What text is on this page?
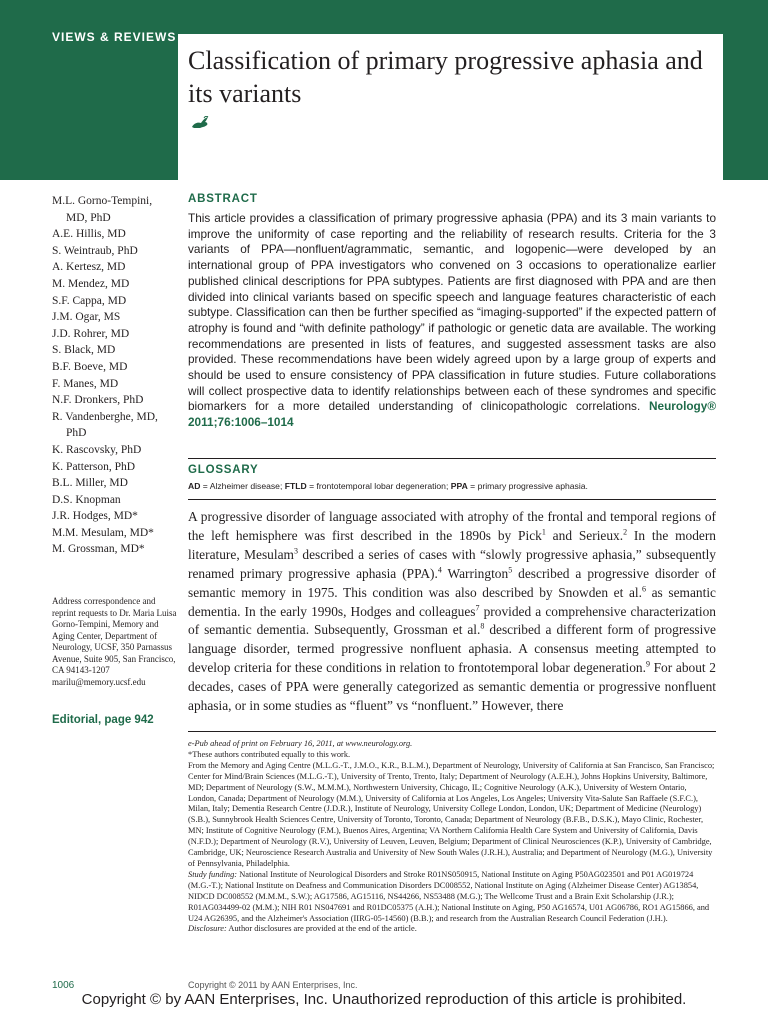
VIEWS & REVIEWS
Classification of primary progressive aphasia and its variants
M.L. Gorno-Tempini, MD, PhD
A.E. Hillis, MD
S. Weintraub, PhD
A. Kertesz, MD
M. Mendez, MD
S.F. Cappa, MD
J.M. Ogar, MS
J.D. Rohrer, MD
S. Black, MD
B.F. Boeve, MD
F. Manes, MD
N.F. Dronkers, PhD
R. Vandenberghe, MD, PhD
K. Rascovsky, PhD
K. Patterson, PhD
B.L. Miller, MD
D.S. Knopman
J.R. Hodges, MD*
M.M. Mesulam, MD*
M. Grossman, MD*
Address correspondence and reprint requests to Dr. Maria Luisa Gorno-Tempini, Memory and Aging Center, Department of Neurology, UCSF, 350 Parnassus Avenue, Suite 905, San Francisco, CA 94143-1207 marilu@memory.ucsf.edu
Editorial, page 942
ABSTRACT
This article provides a classification of primary progressive aphasia (PPA) and its 3 main variants to improve the uniformity of case reporting and the reliability of research results. Criteria for the 3 variants of PPA—nonfluent/agrammatic, semantic, and logopenic—were developed by an international group of PPA investigators who convened on 3 occasions to operationalize earlier published clinical descriptions for PPA subtypes. Patients are first diagnosed with PPA and are then divided into clinical variants based on specific speech and language features characteristic of each subtype. Classification can then be further specified as “imaging-supported” if the expected pattern of atrophy is found and “with definite pathology” if pathologic or genetic data are available. The working recommendations are presented in lists of features, and suggested assessment tasks are also provided. These recommendations have been widely agreed upon by a large group of experts and should be used to ensure consistency of PPA classification in future studies. Future collaborations will collect prospective data to identify relationships between each of these syndromes and specific biomarkers for a more detailed understanding of clinicopathologic correlations. Neurology® 2011;76:1006–1014
GLOSSARY
AD = Alzheimer disease; FTLD = frontotemporal lobar degeneration; PPA = primary progressive aphasia.
A progressive disorder of language associated with atrophy of the frontal and temporal regions of the left hemisphere was first described in the 1890s by Pick$^1$ and Serieux.$^2$ In the modern literature, Mesulam$^3$ described a series of cases with “slowly progressive aphasia,” subsequently renamed primary progressive aphasia (PPA).$^4$ Warrington$^5$ described a progressive disorder of semantic memory in 1975. This condition was also described by Snowden et al.$^6$ as semantic dementia. In the early 1990s, Hodges and colleagues$^7$ provided a comprehensive characterization of semantic dementia. Subsequently, Grossman et al.$^8$ described a different form of progressive language disorder, termed progressive nonfluent aphasia. A consensus meeting attempted to develop criteria for these conditions in relation to frontotemporal lobar degeneration.$^9$ For about 2 decades, cases of PPA were generally categorized as semantic dementia or progressive nonfluent aphasia, or in some studies as “fluent” vs “nonfluent.” However, there

e-Pub ahead of print on February 16, 2011, at www.neurology.org.

*These authors contributed equally to this work.

From the Memory and Aging Centre (M.L.G.-T., J.M.O., K.R., B.L.M.), Department of Neurology, University of California at San Francisco, San Francisco; Center for Mind/Brain Sciences (M.L.G.-T.), University of Trento, Trento, Italy; Department of Neurology (A.E.H.), Johns Hopkins University, Baltimore, MD; Department of Neurology (S.W., M.M.M.), Northwestern University, Chicago, IL; Cognitive Neurology (A.K.), University of Western Ontario, London, Canada; Department of Neurology (M.M.), University of California at Los Angeles, Los Angeles; University Vita-Salute San Raffaele (S.F.C.), Milan, Italy; Dementia Research Centre (J.D.R.), Institute of Neurology, University College London, London, UK; Department of Medicine (Neurology) (S.B.), Sunnybrook Health Sciences Centre, University of Toronto, Toronto, Canada; Department of Neurology (B.F.B., D.S.K.), Mayo Clinic, Rochester, MN; Institute of Cognitive Neurology (F.M.), Buenos Aires, Argentina; VA Northern California Health Care System and University of California, Davis (N.F.D.); Department of Neurology (R.V.), University of Leuven, Leuven, Belgium; Department of Clinical Neurosciences (K.P.), University of Cambridge, Cambridge, UK; Neuroscience Research Australia and University of New South Wales (J.R.H.), Australia; and Department of Neurology (M.G.), University of Pennsylvania, Philadelphia.

Study funding: National Institute of Neurological Disorders and Stroke R01NS050915, National Institute on Aging P50AG023501 and P01 AG019724 (M.G.-T.); National Institute on Deafness and Communication Disorders DC008552, National Institute on Aging (Alzheimer Disease Center) AG13854, NIDCD DC008552 (M.M.M., S.W.); AG17586, AG15116, NS44266, NS53488 (M.G.); The Wellcome Trust and a Brain Exit Scholarship (J.R.); R01AG034499-02 (M.M.); NIH R01 NS047691 and R01DC05375 (A.H.); National Institute on Aging, P50 AG16574, U01 AG06786, RO1 AG15866, and U24 AG26395, and the Alzheimer's Association (IIRG-05-14560) (B.B.); and research from the Australian Research Council Federation (J.H.).

Disclosure: Author disclosures are provided at the end of the article.

1006	Copyright © 2011 by AAN Enterprises, Inc.
Copyright © by AAN Enterprises, Inc. Unauthorized reproduction of this article is prohibited.
